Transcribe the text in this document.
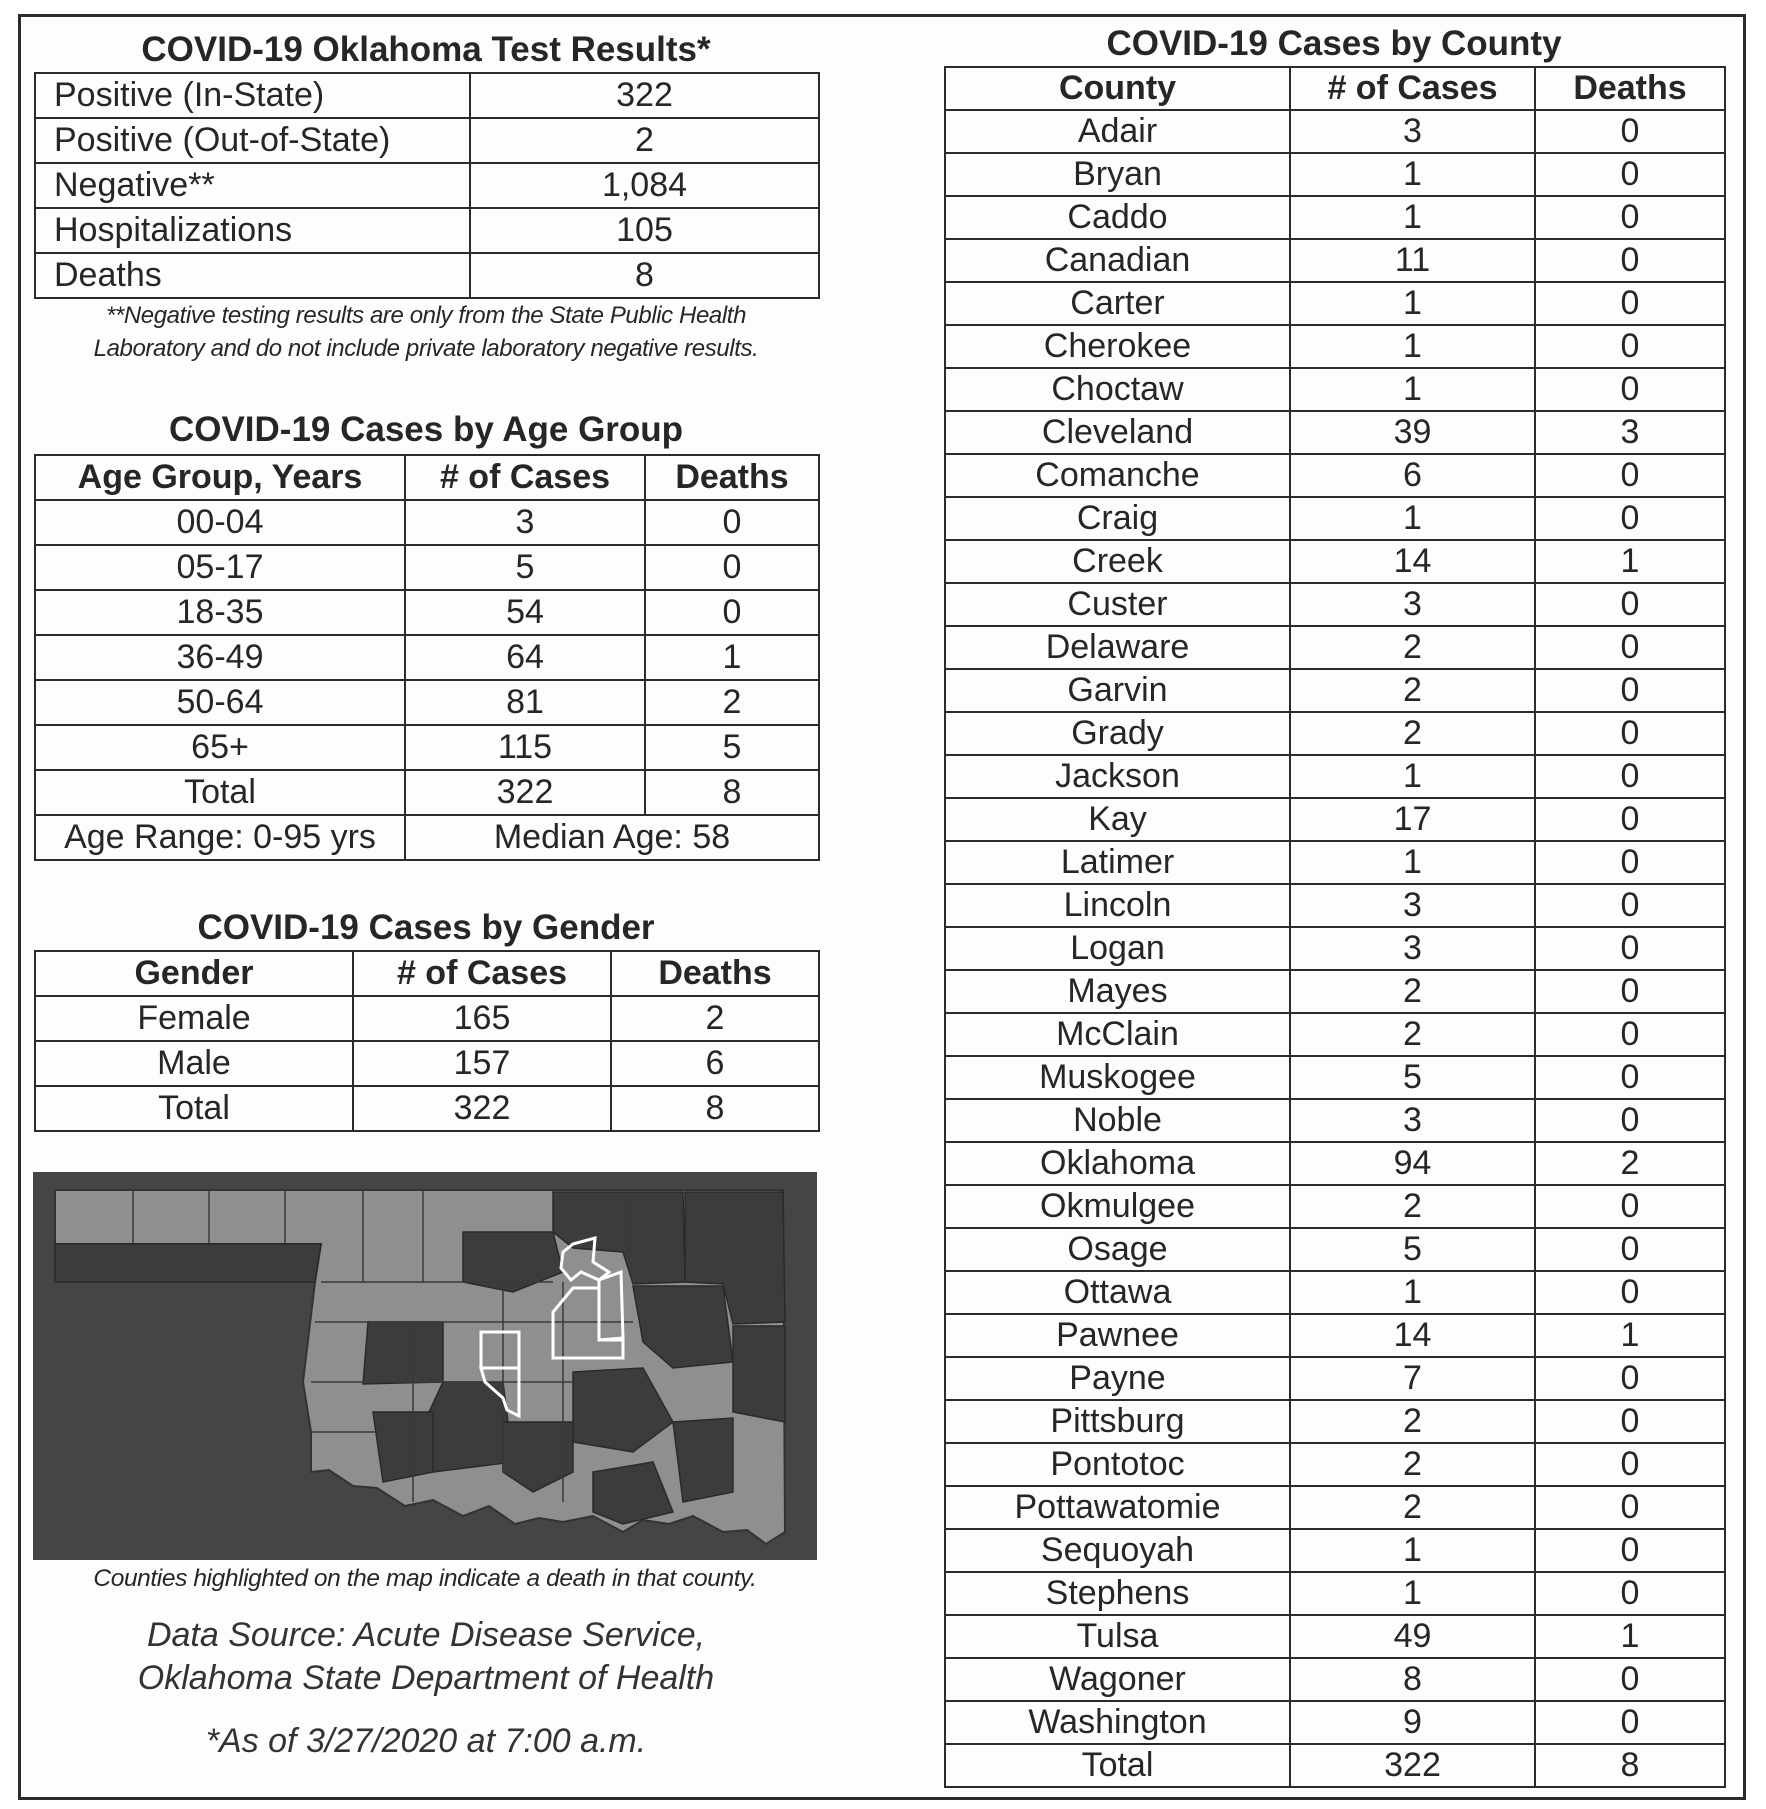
COVID-19 Oklahoma Test Results*
Positive (In-State)	322
Positive (Out-of-State)	2
Negative**	1,084
Hospitalizations	105
Deaths	8

**Negative testing results are only from the State Public Health

Laboratory and do not include private laboratory negative results.

COVID-19 Cases by Age Group
Age Group, Years	# of Cases	Deaths
00-04	3	0
05-17	5	0
18-35	54	0
36-49	64	1
50-64	81	2
65+	115	5
Total	322	8
Age Range: 0-95 yrs	Median Age: 58	
COVID-19 Cases by Gender
Gender	# of Cases	Deaths
Female	165	2
Male	157	6
Total	322	8

Counties highlighted on the map indicate a death in that county.

Data Source: Acute Disease Service,

Oklahoma State Department of Health

*As of 3/27/2020 at 7:00 a.m.

COVID-19 Cases by County
County	# of Cases	Deaths
Adair	3	0
Bryan	1	0
Caddo	1	0
Canadian	11	0
Carter	1	0
Cherokee	1	0
Choctaw	1	0
Cleveland	39	3
Comanche	6	0
Craig	1	0
Creek	14	1
Custer	3	0
Delaware	2	0
Garvin	2	0
Grady	2	0
Jackson	1	0
Kay	17	0
Latimer	1	0
Lincoln	3	0
Logan	3	0
Mayes	2	0
McClain	2	0
Muskogee	5	0
Noble	3	0
Oklahoma	94	2
Okmulgee	2	0
Osage	5	0
Ottawa	1	0
Pawnee	14	1
Payne	7	0
Pittsburg	2	0
Pontotoc	2	0
Pottawatomie	2	0
Sequoyah	1	0
Stephens	1	0
Tulsa	49	1
Wagoner	8	0
Washington	9	0
Total	322	8
